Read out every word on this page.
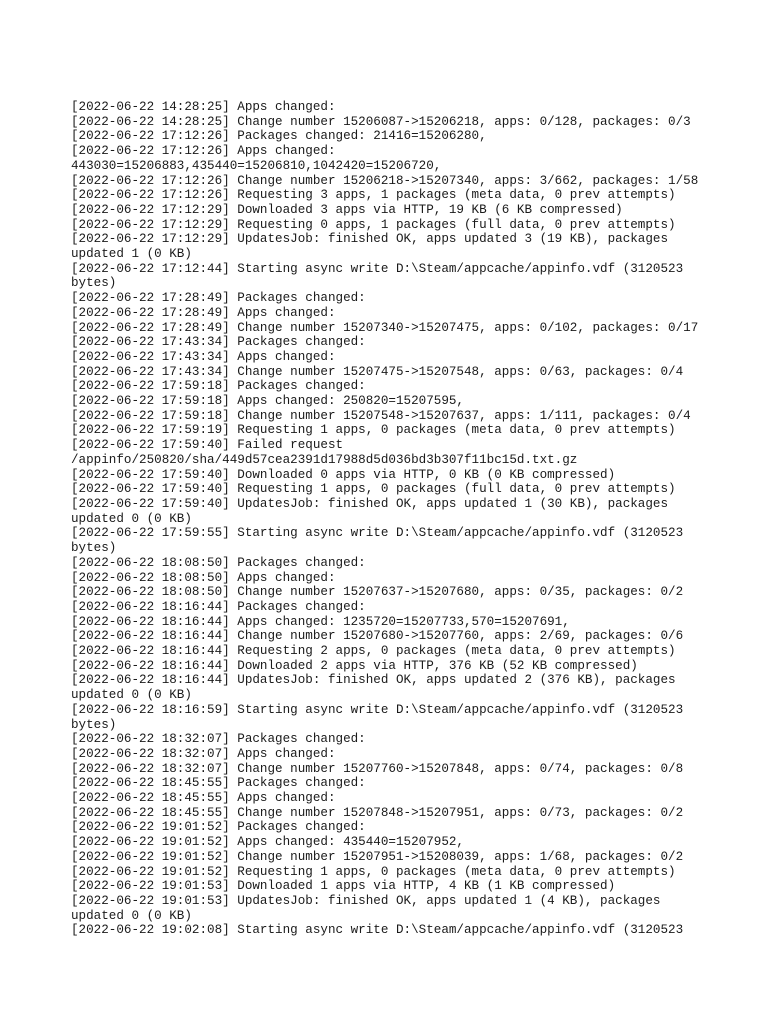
[2022-06-22 14:28:25] Apps changed:
[2022-06-22 14:28:25] Change number 15206087->15206218, apps: 0/128, packages: 0/3
[2022-06-22 17:12:26] Packages changed: 21416=15206280,
[2022-06-22 17:12:26] Apps changed:
443030=15206883,435440=15206810,1042420=15206720,
[2022-06-22 17:12:26] Change number 15206218->15207340, apps: 3/662, packages: 1/58
[2022-06-22 17:12:26] Requesting 3 apps, 1 packages (meta data, 0 prev attempts)
[2022-06-22 17:12:29] Downloaded 3 apps via HTTP, 19 KB (6 KB compressed)
[2022-06-22 17:12:29] Requesting 0 apps, 1 packages (full data, 0 prev attempts)
[2022-06-22 17:12:29] UpdatesJob: finished OK, apps updated 3 (19 KB), packages
updated 1 (0 KB)
[2022-06-22 17:12:44] Starting async write D:\Steam/appcache/appinfo.vdf (3120523
bytes)
[2022-06-22 17:28:49] Packages changed:
[2022-06-22 17:28:49] Apps changed:
[2022-06-22 17:28:49] Change number 15207340->15207475, apps: 0/102, packages: 0/17
[2022-06-22 17:43:34] Packages changed:
[2022-06-22 17:43:34] Apps changed:
[2022-06-22 17:43:34] Change number 15207475->15207548, apps: 0/63, packages: 0/4
[2022-06-22 17:59:18] Packages changed:
[2022-06-22 17:59:18] Apps changed: 250820=15207595,
[2022-06-22 17:59:18] Change number 15207548->15207637, apps: 1/111, packages: 0/4
[2022-06-22 17:59:19] Requesting 1 apps, 0 packages (meta data, 0 prev attempts)
[2022-06-22 17:59:40] Failed request
/appinfo/250820/sha/449d57cea2391d17988d5d036bd3b307f11bc15d.txt.gz
[2022-06-22 17:59:40] Downloaded 0 apps via HTTP, 0 KB (0 KB compressed)
[2022-06-22 17:59:40] Requesting 1 apps, 0 packages (full data, 0 prev attempts)
[2022-06-22 17:59:40] UpdatesJob: finished OK, apps updated 1 (30 KB), packages
updated 0 (0 KB)
[2022-06-22 17:59:55] Starting async write D:\Steam/appcache/appinfo.vdf (3120523
bytes)
[2022-06-22 18:08:50] Packages changed:
[2022-06-22 18:08:50] Apps changed:
[2022-06-22 18:08:50] Change number 15207637->15207680, apps: 0/35, packages: 0/2
[2022-06-22 18:16:44] Packages changed:
[2022-06-22 18:16:44] Apps changed: 1235720=15207733,570=15207691,
[2022-06-22 18:16:44] Change number 15207680->15207760, apps: 2/69, packages: 0/6
[2022-06-22 18:16:44] Requesting 2 apps, 0 packages (meta data, 0 prev attempts)
[2022-06-22 18:16:44] Downloaded 2 apps via HTTP, 376 KB (52 KB compressed)
[2022-06-22 18:16:44] UpdatesJob: finished OK, apps updated 2 (376 KB), packages
updated 0 (0 KB)
[2022-06-22 18:16:59] Starting async write D:\Steam/appcache/appinfo.vdf (3120523
bytes)
[2022-06-22 18:32:07] Packages changed:
[2022-06-22 18:32:07] Apps changed:
[2022-06-22 18:32:07] Change number 15207760->15207848, apps: 0/74, packages: 0/8
[2022-06-22 18:45:55] Packages changed:
[2022-06-22 18:45:55] Apps changed:
[2022-06-22 18:45:55] Change number 15207848->15207951, apps: 0/73, packages: 0/2
[2022-06-22 19:01:52] Packages changed:
[2022-06-22 19:01:52] Apps changed: 435440=15207952,
[2022-06-22 19:01:52] Change number 15207951->15208039, apps: 1/68, packages: 0/2
[2022-06-22 19:01:52] Requesting 1 apps, 0 packages (meta data, 0 prev attempts)
[2022-06-22 19:01:53] Downloaded 1 apps via HTTP, 4 KB (1 KB compressed)
[2022-06-22 19:01:53] UpdatesJob: finished OK, apps updated 1 (4 KB), packages
updated 0 (0 KB)
[2022-06-22 19:02:08] Starting async write D:\Steam/appcache/appinfo.vdf (3120523
